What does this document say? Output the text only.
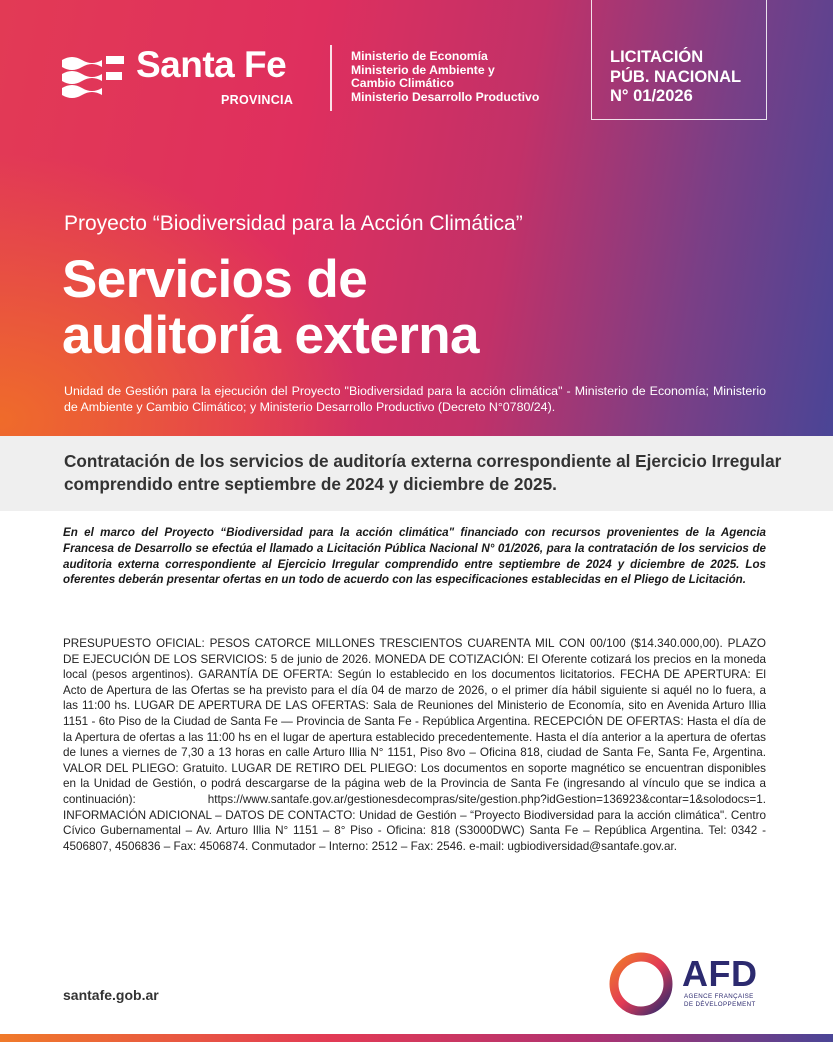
Santa Fe
PROVINCIA
Ministerio de Economía
Ministerio de Ambiente y
Cambio Climático
Ministerio Desarrollo Productivo
LICITACIÓN
PÚB. NACIONAL
N° 01/2026
Proyecto “Biodiversidad para la Acción Climática”
Servicios de
auditoría externa
Unidad de Gestión para la ejecución del Proyecto "Biodiversidad para la acción climática" - Ministerio de Economía; Ministerio de Ambiente y Cambio Climático; y Ministerio Desarrollo Productivo (Decreto N°0780/24).
Contratación de los servicios de auditoría externa correspondiente al Ejercicio Irregular comprendido entre septiembre de 2024 y diciembre de 2025.
En el marco del Proyecto “Biodiversidad para la acción climática" financiado con recursos provenientes de la Agencia Francesa de Desarrollo se efectúa el llamado a Licitación Pública Nacional N° 01/2026, para la contratación de los servicios de auditoria externa correspondiente al Ejercicio Irregular comprendido entre septiembre de 2024 y diciembre de 2025. Los oferentes deberán presentar ofertas en un todo de acuerdo con las especificaciones establecidas en el Pliego de Licitación.
PRESUPUESTO OFICIAL: PESOS CATORCE MILLONES TRESCIENTOS CUARENTA MIL CON 00/100 ($14.340.000,00). PLAZO DE EJECUCIÓN DE LOS SERVICIOS: 5 de junio de 2026. MONEDA DE COTIZACIÓN: El Oferente cotizará los precios en la moneda local (pesos argentinos). GARANTÍA DE OFERTA: Según lo establecido en los documentos licitatorios. FECHA DE APERTURA: El Acto de Apertura de las Ofertas se ha previsto para el día 04 de marzo de 2026, o el primer día hábil siguiente si aquél no lo fuera, a las 11:00 hs. LUGAR DE APERTURA DE LAS OFERTAS: Sala de Reuniones del Ministerio de Economía, sito en Avenida Arturo Illia 1151 - 6to Piso de la Ciudad de Santa Fe — Provincia de Santa Fe - República Argentina. RECEPCIÓN DE OFERTAS: Hasta el día de la Apertura de ofertas a las 11:00 hs en el lugar de apertura establecido precedentemente. Hasta el día anterior a la apertura de ofertas de lunes a viernes de 7,30 a 13 horas en calle Arturo Illia N° 1151, Piso 8vo – Oficina 818, ciudad de Santa Fe, Santa Fe, Argentina. VALOR DEL PLIEGO: Gratuito. LUGAR DE RETIRO DEL PLIEGO: Los documentos en soporte magnético se encuentran disponibles en la Unidad de Gestión, o podrá descargarse de la página web de la Provincia de Santa Fe (ingresando al vínculo que se indica a continuación): https://www.santafe.gov.ar/gestionesdecompras/site/gestion.php?idGestion=136923&contar=1&solodocs=1. INFORMACIÓN ADICIONAL – DATOS DE CONTACTO: Unidad de Gestión – “Proyecto Biodiversidad para la acción climática". Centro Cívico Gubernamental – Av. Arturo Illia N° 1151 – 8° Piso - Oficina: 818 (S3000DWC) Santa Fe – República Argentina. Tel: 0342 - 4506807, 4506836 – Fax: 4506874. Conmutador – Interno: 2512 – Fax: 2546. e-mail: ugbiodiversidad@santafe.gov.ar.
santafe.gob.ar
AFD
AGENCE FRANÇAISE
DE DÉVELOPPEMENT
